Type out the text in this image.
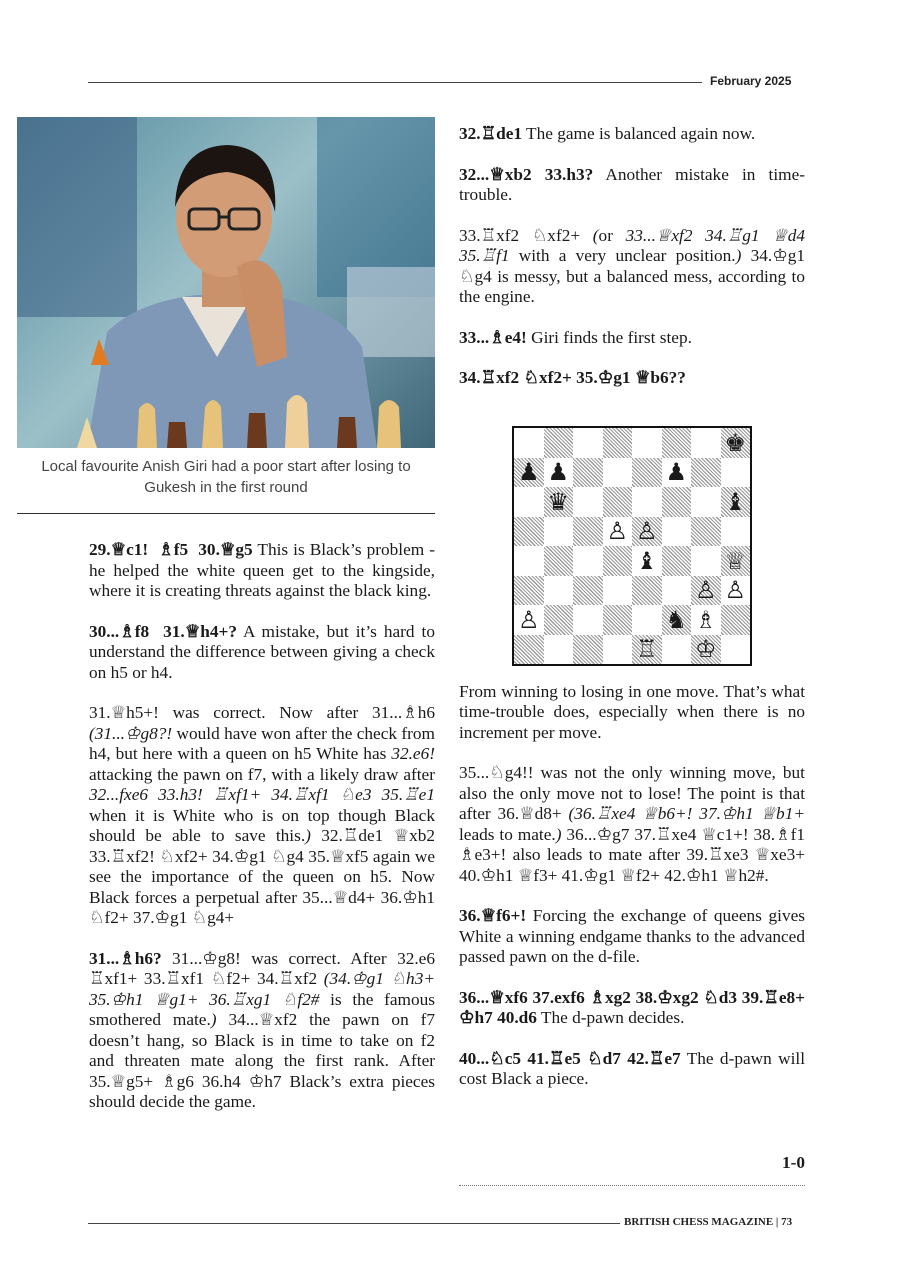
February 2025
Local favourite Anish Giri had a poor start after losing to Gukesh in the first round

29.♕c1! ♗f5 30.♕g5 This is Black’s problem - he helped the white queen get to the kingside, where it is creating threats against the black king.

30...♗f8 31.♕h4+? A mistake, but it’s hard to understand the difference between giving a check on h5 or h4.

31.♕h5+! was correct. Now after 31...♗h6 (31...♔g8?! would have won after the check from h4, but here with a queen on h5 White has 32.e6! attacking the pawn on f7, with a likely draw after 32...fxe6 33.h3! ♖xf1+ 34.♖xf1 ♘e3 35.♖e1 when it is White who is on top though Black should be able to save this.) 32.♖de1 ♕xb2 33.♖xf2! ♘xf2+ 34.♔g1 ♘g4 35.♕xf5 again we see the importance of the queen on h5. Now Black forces a perpetual after 35...♕d4+ 36.♔h1 ♘f2+ 37.♔g1 ♘g4+

31...♗h6? 31...♔g8! was correct. After 32.e6 ♖xf1+ 33.♖xf1 ♘f2+ 34.♖xf2 (34.♔g1 ♘h3+ 35.♔h1 ♕g1+ 36.♖xg1 ♘f2# is the famous smothered mate.) 34...♕xf2 the pawn on f7 doesn’t hang, so Black is in time to take on f2 and threaten mate along the first rank. After 35.♕g5+ ♗g6 36.h4 ♔h7 Black’s extra pieces should decide the game.

32.♖de1 The game is balanced again now.

32...♕xb2 33.h3? Another mistake in time-trouble.

33.♖xf2 ♘xf2+ (or 33...♕xf2 34.♖g1 ♕d4 35.♖f1 with a very unclear position.) 34.♔g1 ♘g4 is messy, but a balanced mess, according to the engine.

33...♗e4! Giri finds the first step.

34.♖xf2 ♘xf2+ 35.♔g1 ♕b6??

From winning to losing in one move. That’s what time-trouble does, especially when there is no increment per move.

35...♘g4!! was not the only winning move, but also the only move not to lose! The point is that after 36.♕d8+ (36.♖xe4 ♕b6+! 37.♔h1 ♕b1+ leads to mate.) 36...♔g7 37.♖xe4 ♕c1+! 38.♗f1 ♗e3+! also leads to mate after 39.♖xe3 ♕xe3+ 40.♔h1 ♕f3+ 41.♔g1 ♕f2+ 42.♔h1 ♕h2#.

36.♕f6+! Forcing the exchange of queens gives White a winning endgame thanks to the advanced passed pawn on the d-file.

36...♕xf6 37.exf6 ♗xg2 38.♔xg2 ♘d3 39.♖e8+ ♔h7 40.d6 The d-pawn decides.

40...♘c5 41.♖e5 ♘d7 42.♖e7 The d-pawn will cost Black a piece.

♚
♟ ♟	♟
♛	♝
♙ ♙
♝	♕
♙ ♙
♙	♞ ♗
♖ ♔
1-0
BRITISH CHESS MAGAZINE | 73
